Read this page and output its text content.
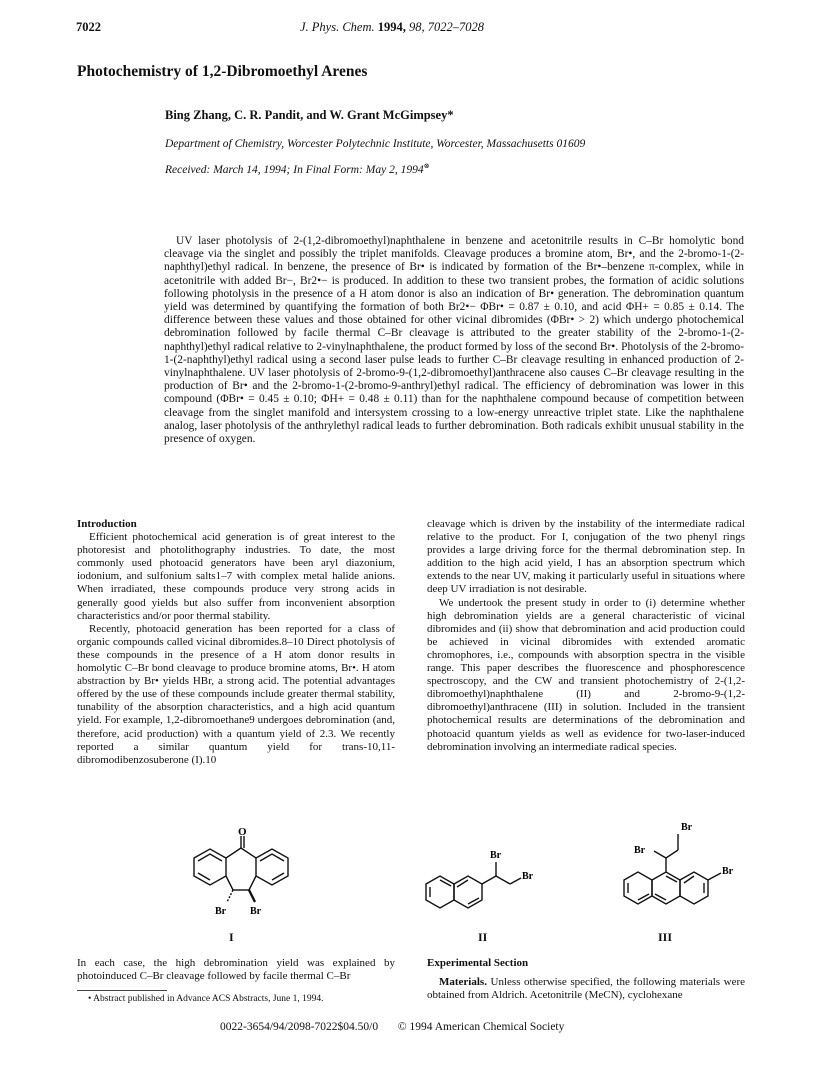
7022	J. Phys. Chem. 1994, 98, 7022–7028
Photochemistry of 1,2-Dibromoethyl Arenes
Bing Zhang, C. R. Pandit, and W. Grant McGimpsey*
Department of Chemistry, Worcester Polytechnic Institute, Worcester, Massachusetts 01609
Received: March 14, 1994; In Final Form: May 2, 1994⊗
UV laser photolysis of 2-(1,2-dibromoethyl)naphthalene in benzene and acetonitrile results in C–Br homolytic bond cleavage via the singlet and possibly the triplet manifolds. Cleavage produces a bromine atom, Br•, and the 2-bromo-1-(2-naphthyl)ethyl radical. In benzene, the presence of Br• is indicated by formation of the Br•–benzene π-complex, while in acetonitrile with added Br−, Br2•− is produced. In addition to these two transient probes, the formation of acidic solutions following photolysis in the presence of a H atom donor is also an indication of Br• generation. The debromination quantum yield was determined by quantifying the formation of both Br2•− ΦBr• = 0.87 ± 0.10, and acid ΦH+ = 0.85 ± 0.14. The difference between these values and those obtained for other vicinal dibromides (ΦBr• > 2) which undergo photochemical debromination followed by facile thermal C–Br cleavage is attributed to the greater stability of the 2-bromo-1-(2-naphthyl)ethyl radical relative to 2-vinylnaphthalene, the product formed by loss of the second Br•. Photolysis of the 2-bromo-1-(2-naphthyl)ethyl radical using a second laser pulse leads to further C–Br cleavage resulting in enhanced production of 2-vinylnaphthalene. UV laser photolysis of 2-bromo-9-(1,2-dibromoethyl)anthracene also causes C–Br cleavage resulting in the production of Br• and the 2-bromo-1-(2-bromo-9-anthryl)ethyl radical. The efficiency of debromination was lower in this compound (ΦBr• = 0.45 ± 0.10; ΦH+ = 0.48 ± 0.11) than for the naphthalene compound because of competition between cleavage from the singlet manifold and intersystem crossing to a low-energy unreactive triplet state. Like the naphthalene analog, laser photolysis of the anthrylethyl radical leads to further debromination. Both radicals exhibit unusual stability in the presence of oxygen.

Introduction

Efficient photochemical acid generation is of great interest to the photoresist and photolithography industries. To date, the most commonly used photoacid generators have been aryl diazonium, iodonium, and sulfonium salts1–7 with complex metal halide anions. When irradiated, these compounds produce very strong acids in generally good yields but also suffer from inconvenient absorption characteristics and/or poor thermal stability.

Recently, photoacid generation has been reported for a class of organic compounds called vicinal dibromides.8–10 Direct photolysis of these compounds in the presence of a H atom donor results in homolytic C–Br bond cleavage to produce bromine atoms, Br•. H atom abstraction by Br• yields HBr, a strong acid. The potential advantages offered by the use of these compounds include greater thermal stability, tunability of the absorption characteristics, and a high acid quantum yield. For example, 1,2-dibromoethane9 undergoes debromination (and, therefore, acid production) with a quantum yield of 2.3. We recently reported a similar quantum yield for trans-10,11-dibromodibenzosuberone (I).10

cleavage which is driven by the instability of the intermediate radical relative to the product. For I, conjugation of the two phenyl rings provides a large driving force for the thermal debromination step. In addition to the high acid yield, I has an absorption spectrum which extends to the near UV, making it particularly useful in situations where deep UV irradiation is not desirable.

We undertook the present study in order to (i) determine whether high debromination yields are a general characteristic of vicinal dibromides and (ii) show that debromination and acid production could be achieved in vicinal dibromides with extended aromatic chromophores, i.e., compounds with absorption spectra in the visible range. This paper describes the fluorescence and phosphorescence spectroscopy, and the CW and transient photochemistry of 2-(1,2-dibromoethyl)naphthalene (II) and 2-bromo-9-(1,2-dibromoethyl)anthracene (III) in solution. Included in the transient photochemical results are determinations of the debromination and photoacid quantum yields as well as evidence for two-laser-induced debromination involving an intermediate radical species.

O
Br Br
I
Br
Br
II
Br
Br
Br
III
In each case, the high debromination yield was explained by photoinduced C–Br cleavage followed by facile thermal C–Br
• Abstract published in Advance ACS Abstracts, June 1, 1994.
Experimental Section
Materials. Unless otherwise specified, the following materials were obtained from Aldrich. Acetonitrile (MeCN), cyclohexane
0022-3654/94/2098-7022$04.50/0 © 1994 American Chemical Society
